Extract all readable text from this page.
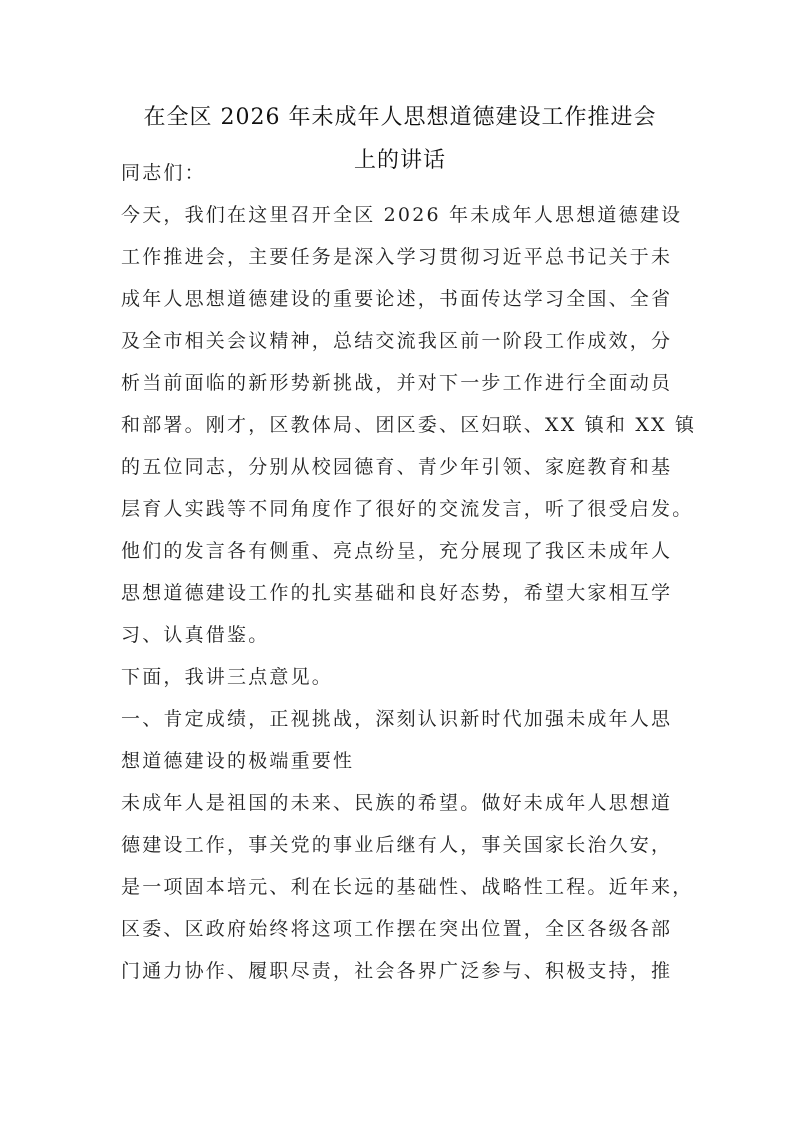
在全区 2026 年未成年人思想道德建设工作推进会
上的讲话
同志们：
今天，我们在这里召开全区 2026 年未成年人思想道德建设
工作推进会，主要任务是深入学习贯彻习近平总书记关于未
成年人思想道德建设的重要论述，书面传达学习全国、全省
及全市相关会议精神，总结交流我区前一阶段工作成效，分
析当前面临的新形势新挑战，并对下一步工作进行全面动员
和部署。刚才，区教体局、团区委、区妇联、XX 镇和 XX 镇
的五位同志，分别从校园德育、青少年引领、家庭教育和基
层育人实践等不同角度作了很好的交流发言，听了很受启发。
他们的发言各有侧重、亮点纷呈，充分展现了我区未成年人
思想道德建设工作的扎实基础和良好态势，希望大家相互学
习、认真借鉴。
下面，我讲三点意见。
一、肯定成绩，正视挑战，深刻认识新时代加强未成年人思
想道德建设的极端重要性
未成年人是祖国的未来、民族的希望。做好未成年人思想道
德建设工作，事关党的事业后继有人，事关国家长治久安，
是一项固本培元、利在长远的基础性、战略性工程。近年来，
区委、区政府始终将这项工作摆在突出位置，全区各级各部
门通力协作、履职尽责，社会各界广泛参与、积极支持，推
